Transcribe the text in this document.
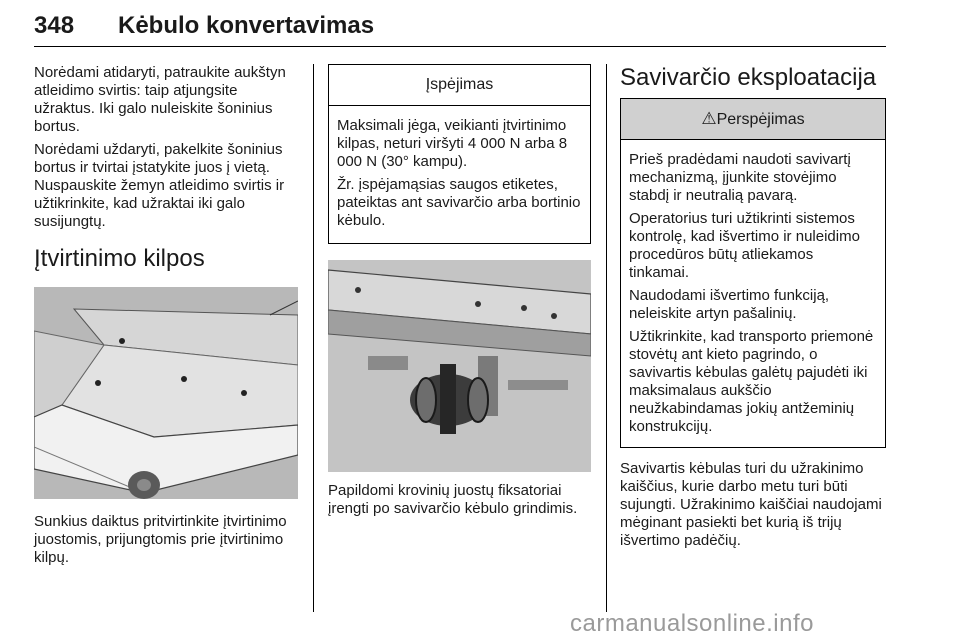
348 Kėbulo konvertavimas

Norėdami atidaryti, patraukite aukštyn atleidimo svirtis: taip atjungsite užraktus. Iki galo nuleiskite šoninius bortus.

Norėdami uždaryti, pakelkite šoninius bortus ir tvirtai įstatykite juos į vietą. Nuspauskite žemyn atleidimo svirtis ir užtikrinkite, kad užraktai iki galo susijungtų.

Įtvirtinimo kilpos

Sunkius daiktus pritvirtinkite įtvirtinimo juostomis, prijungtomis prie įtvirtinimo kilpų.

Įspėjimas

Maksimali jėga, veikianti įtvirtinimo kilpas, neturi viršyti 4 000 N arba 8 000 N (30° kampu).

Žr. įspėjamąsias saugos etiketes, pateiktas ant savivarčio arba bortinio kėbulo.

Papildomi krovinių juostų fiksatoriai įrengti po savivarčio kėbulo grindimis.

Savivarčio eksploatacija
⚠Perspėjimas

Prieš pradėdami naudoti savivartį mechanizmą, įjunkite stovėjimo stabdį ir neutralią pavarą.

Operatorius turi užtikrinti sistemos kontrolę, kad išvertimo ir nuleidimo procedūros būtų atliekamos tinkamai.

Naudodami išvertimo funkciją, neleiskite artyn pašalinių.

Užtikrinkite, kad transporto priemonė stovėtų ant kieto pagrindo, o savivartis kėbulas galėtų pajudėti iki maksimalaus aukščio neužkabindamas jokių antžeminių konstrukcijų.

Savivartis kėbulas turi du užrakinimo kaiščius, kurie darbo metu turi būti sujungti. Užrakinimo kaiščiai naudojami mėginant pasiekti bet kurią iš trijų išvertimo padėčių.

carmanualsonline.info
